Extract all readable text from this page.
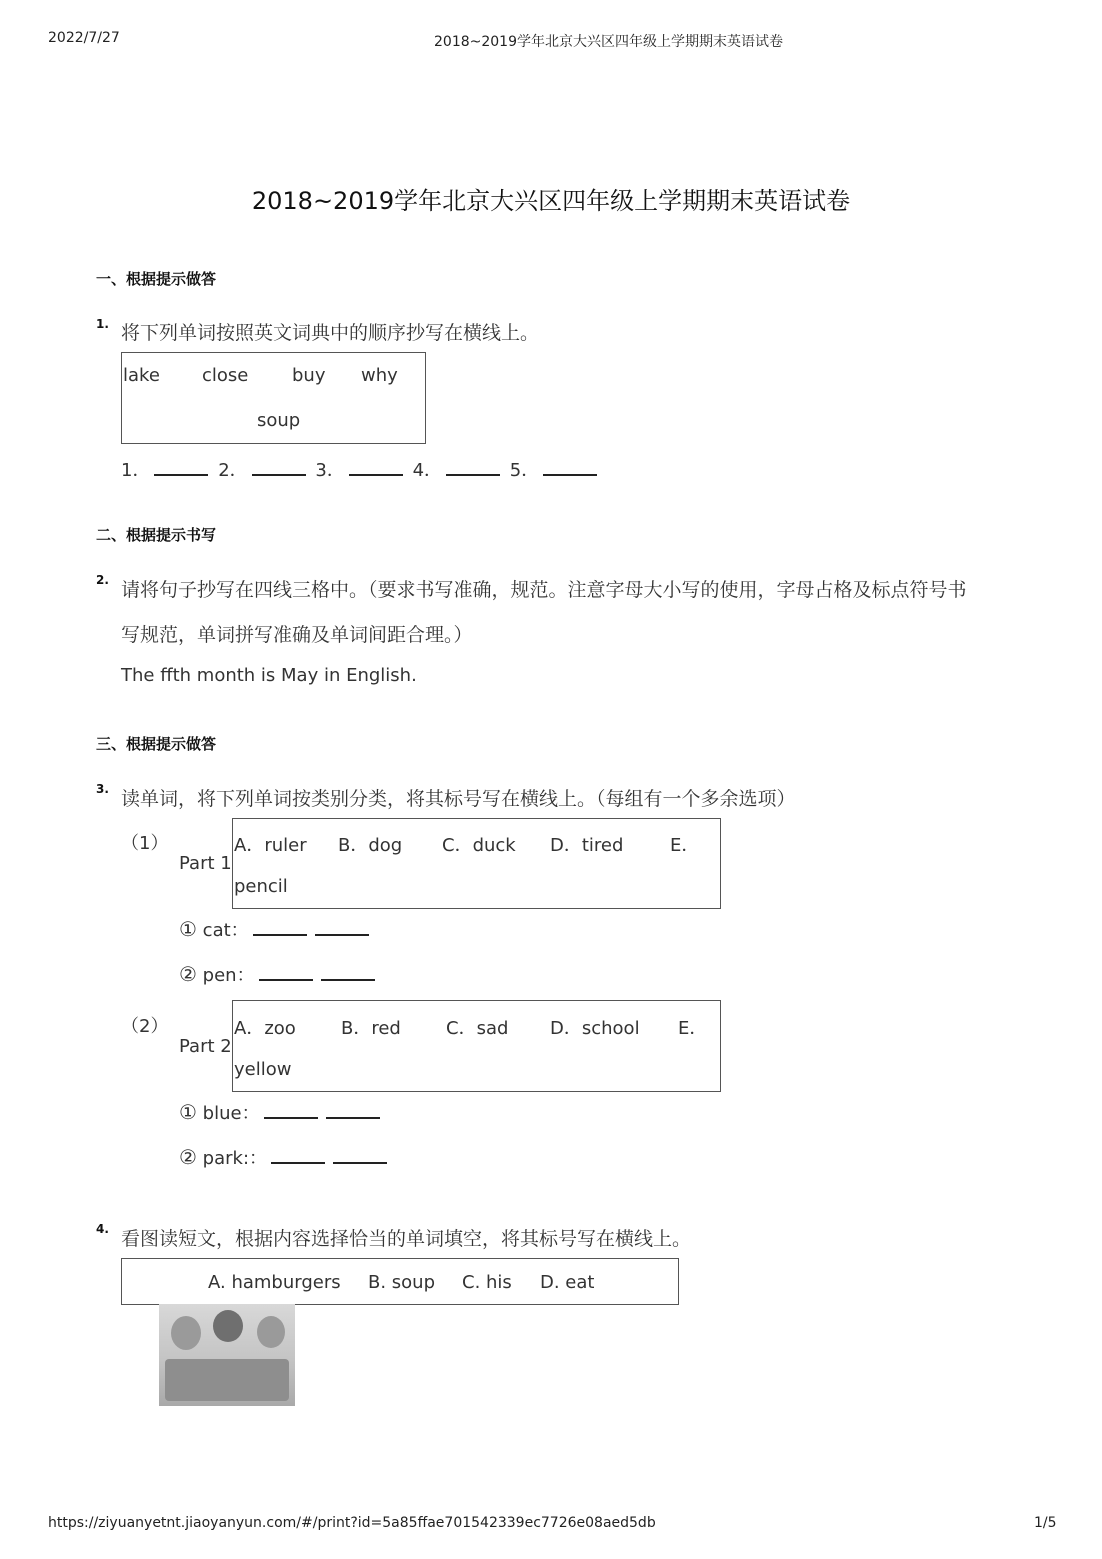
2022/7/27	2018~2019学年北京大兴区四年级上学期期末英语试卷
2018~2019学年北京大兴区四年级上学期期末英语试卷
一、根据提示做答
1. 将下列单词按照英文词典中的顺序抄写在横线上。
lake close buy why
soup
1．	2．	3．	4．	5．
二、根据提示书写
2. 请将句子抄写在四线三格中。（要求书写准确，规范。注意字母大小写的使用，字母占格及标点符号书
写规范，单词拼写准确及单词间距合理。）
The ffth month is May in English.
三、根据提示做答
3. 读单词，将下列单词按类别分类，将其标号写在横线上。（每组有一个多余选项）
（1）
Part 1
A．ruler B．dog C．duck D．tired	E．
pencil
① cat：
② pen：
（2）
Part 2
A．zoo	B．red	C．sad D．school E．
yellow
① blue：
② park:：
4. 看图读短文，根据内容选择恰当的单词填空，将其标号写在横线上。
A. hamburgers B. soup C. his D. eat
https://ziyuanyetnt.jiaoyanyun.com/#/print?id=5a85ffae701542339ec7726e08aed5db	1/5
